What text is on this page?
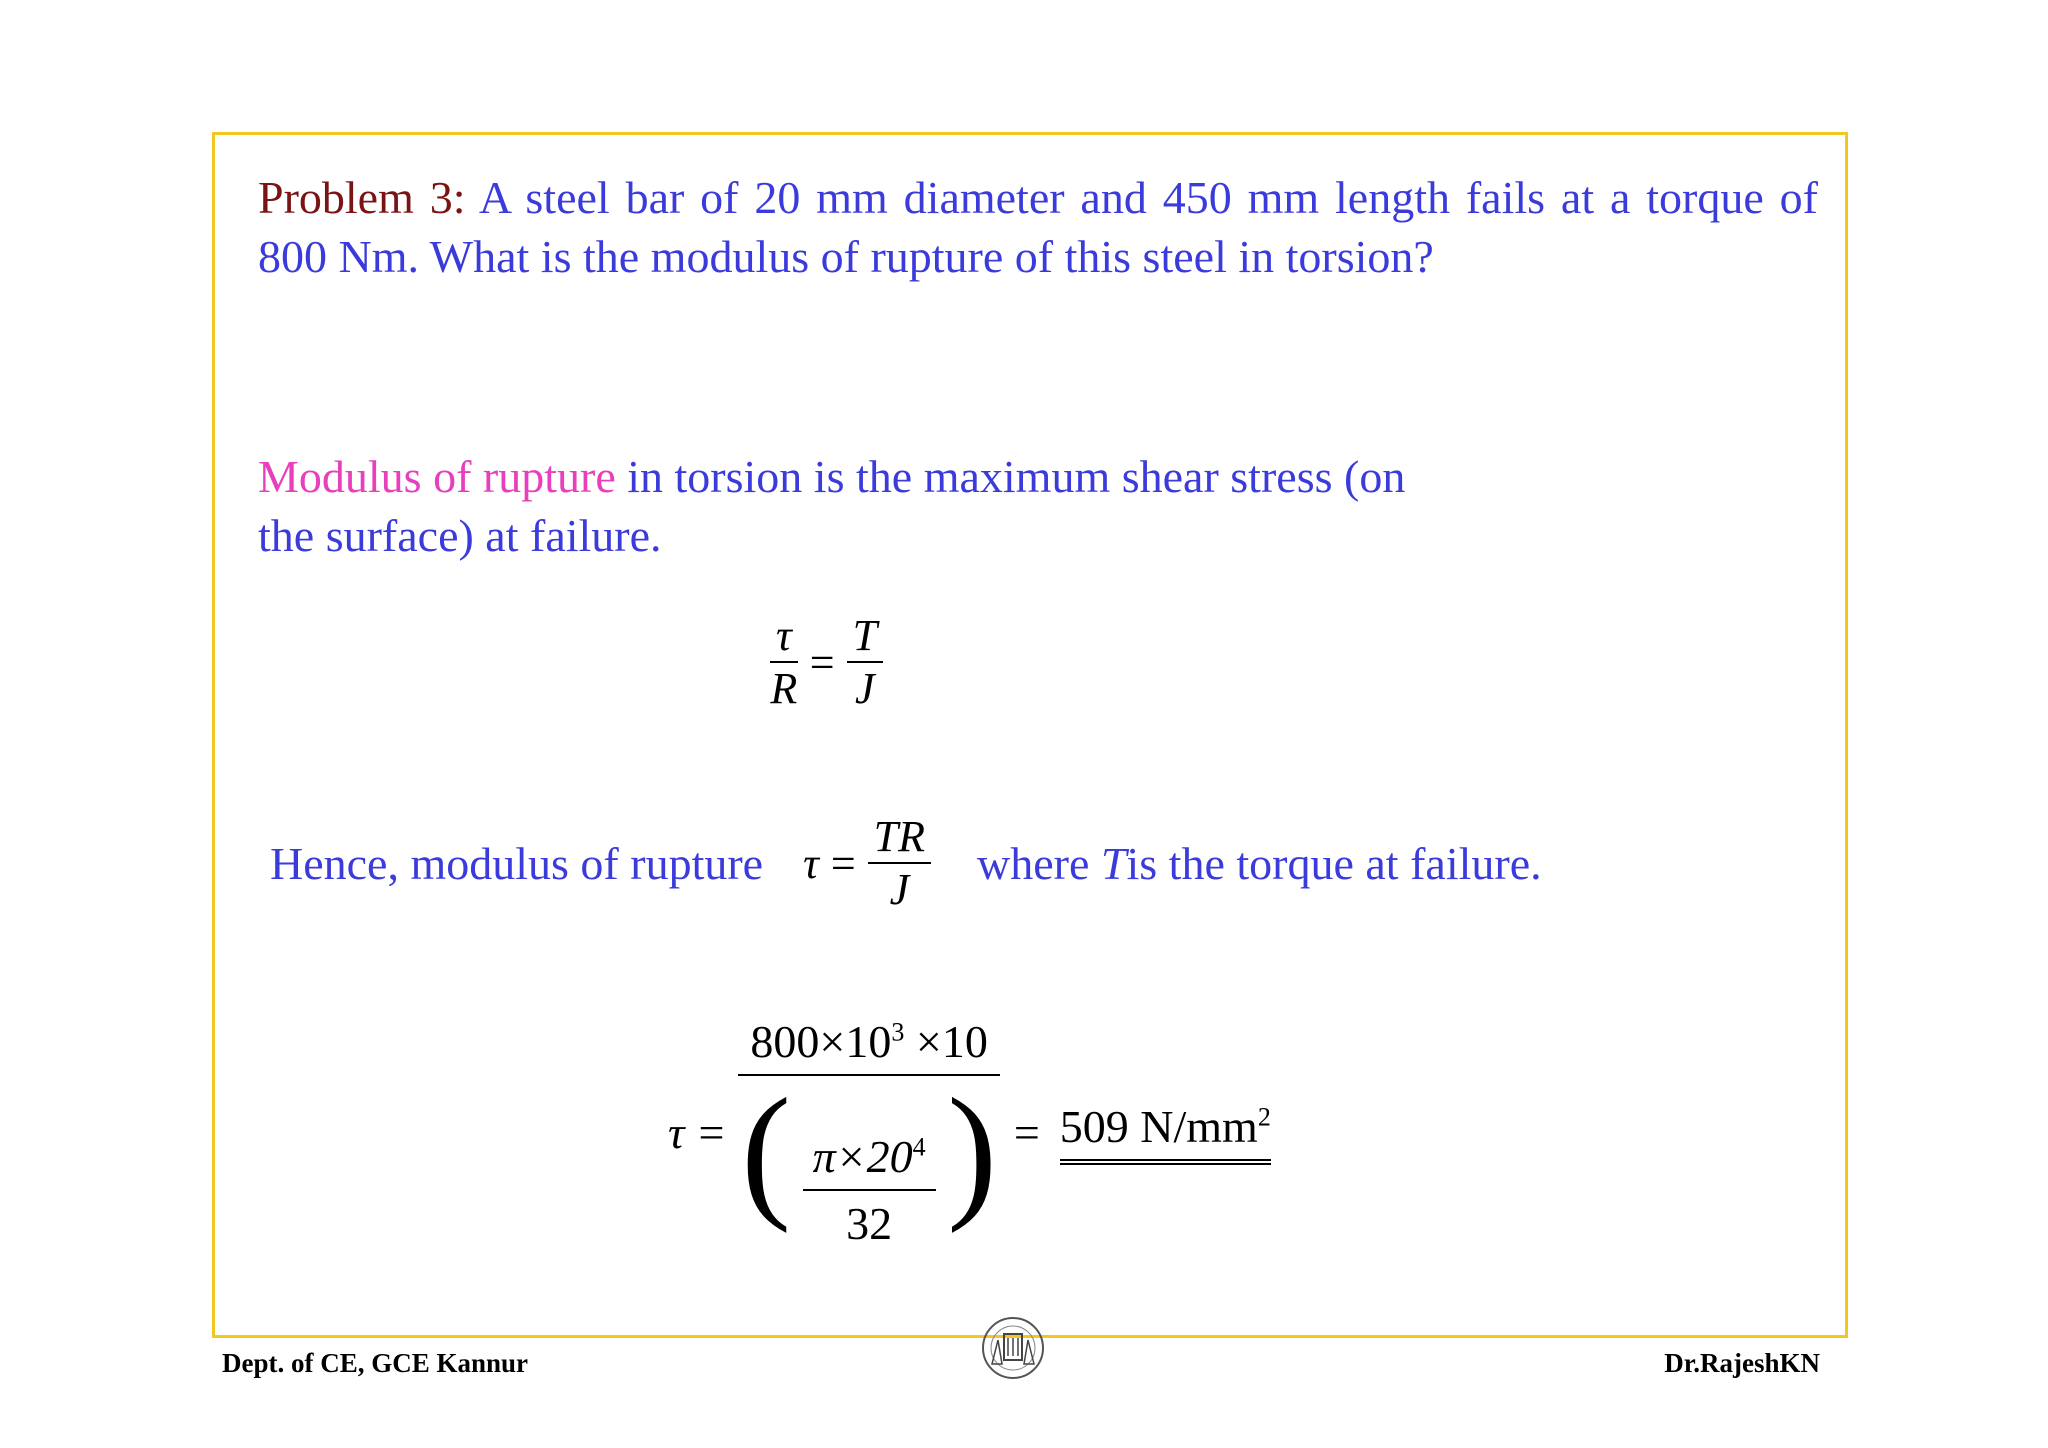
Problem 3: A steel bar of 20 mm diameter and 450 mm length fails at a torque of 800 Nm. What is the modulus of rupture of this steel in torsion?
Modulus of rupture in torsion is the maximum shear stress (on the surface) at failure.
$\frac{\tau}{R} = \frac{T}{J}$
Hence, modulus of rupture $\tau = \frac{TR}{J}$ where
T is the torque at failure.
$\tau = \frac{800\times 10^3 \times 10}{( \frac{\pi\times 20^4}{32} )} = 509$ $N/mm^2$
Dept. of CE, GCE Kannur	Dr.RajeshKN
